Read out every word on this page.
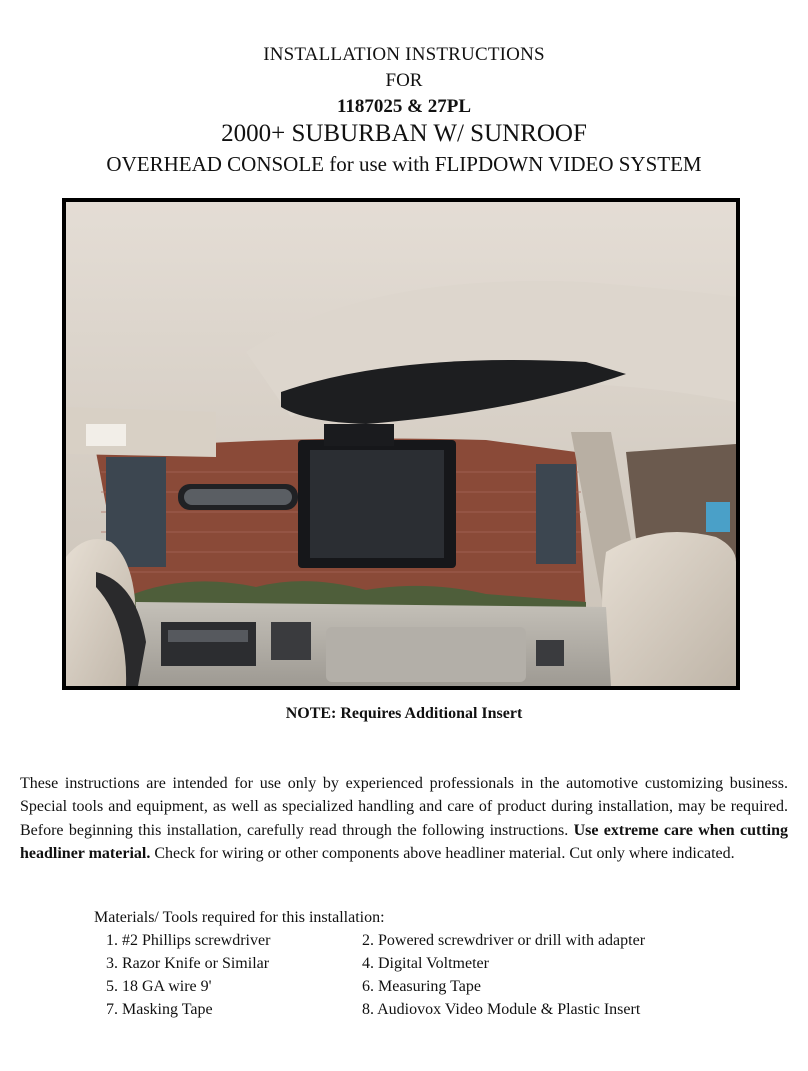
INSTALLATION INSTRUCTIONS
FOR
1187025 & 27PL
2000+ SUBURBAN W/ SUNROOF
OVERHEAD CONSOLE for use with FLIPDOWN VIDEO SYSTEM
NOTE: Requires Additional Insert

These instructions are intended for use only by experienced professionals in the automotive customizing business. Special tools and equipment, as well as specialized handling and care of product during installation, may be required. Before beginning this installation, carefully read through the following instructions. Use extreme care when cutting headliner material. Check for wiring or other components above headliner material. Cut only where indicated.

Materials/ Tools required for this installation:
1. #2 Phillips screwdriver	2. Powered screwdriver or drill with adapter
3. Razor Knife or Similar	4. Digital Voltmeter
5. 18 GA wire 9'	6. Measuring Tape
7. Masking Tape	8. Audiovox Video Module & Plastic Insert
